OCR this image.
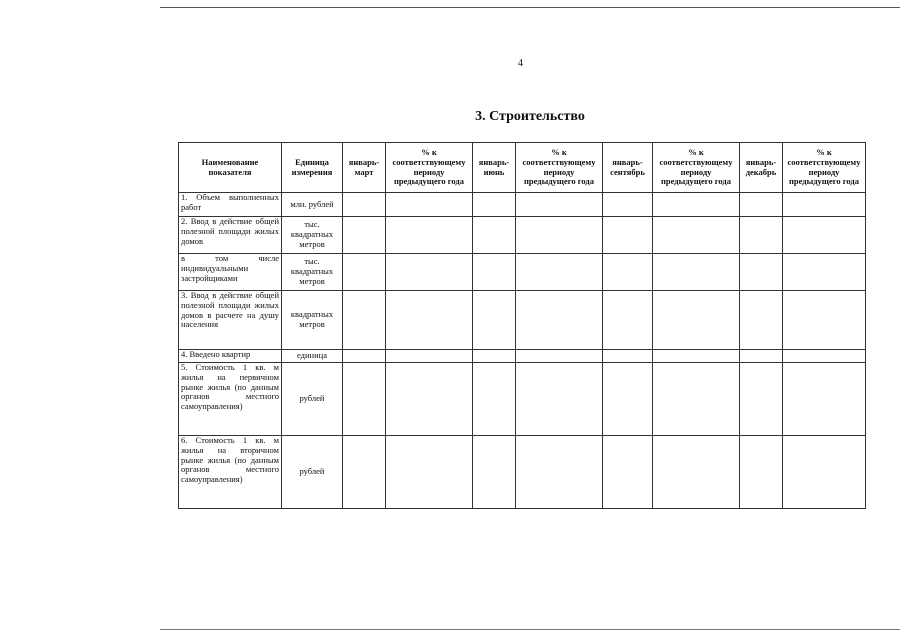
4
3. Строительство
Наименование показателя	Единица измерения	январь-март	% к соответствующему периоду предыдущего года	январь-июнь	% к соответствующему периоду предыдущего года	январь-сентябрь	% к соответствующему периоду предыдущего года	январь-декабрь	% к соответствующему периоду предыдущего года
1. Объем выполненных работ	млн. рублей								
2. Ввод в действие общей полезной площади жилых домов	тыс. квадратных метров								
в том числе индивидуальными застройщиками	тыс. квадратных метров								
3. Ввод в действие общей полезной площади жилых домов в расчете на душу населения	квадратных метров								
4. Введено квартир	единица								
5. Стоимость 1 кв. м жилья на первичном рынке жилья (по данным органов местного самоуправления)	рублей								
6. Стоимость 1 кв. м жилья на вторичном рынке жилья (по данным органов местного самоуправления)	рублей								
